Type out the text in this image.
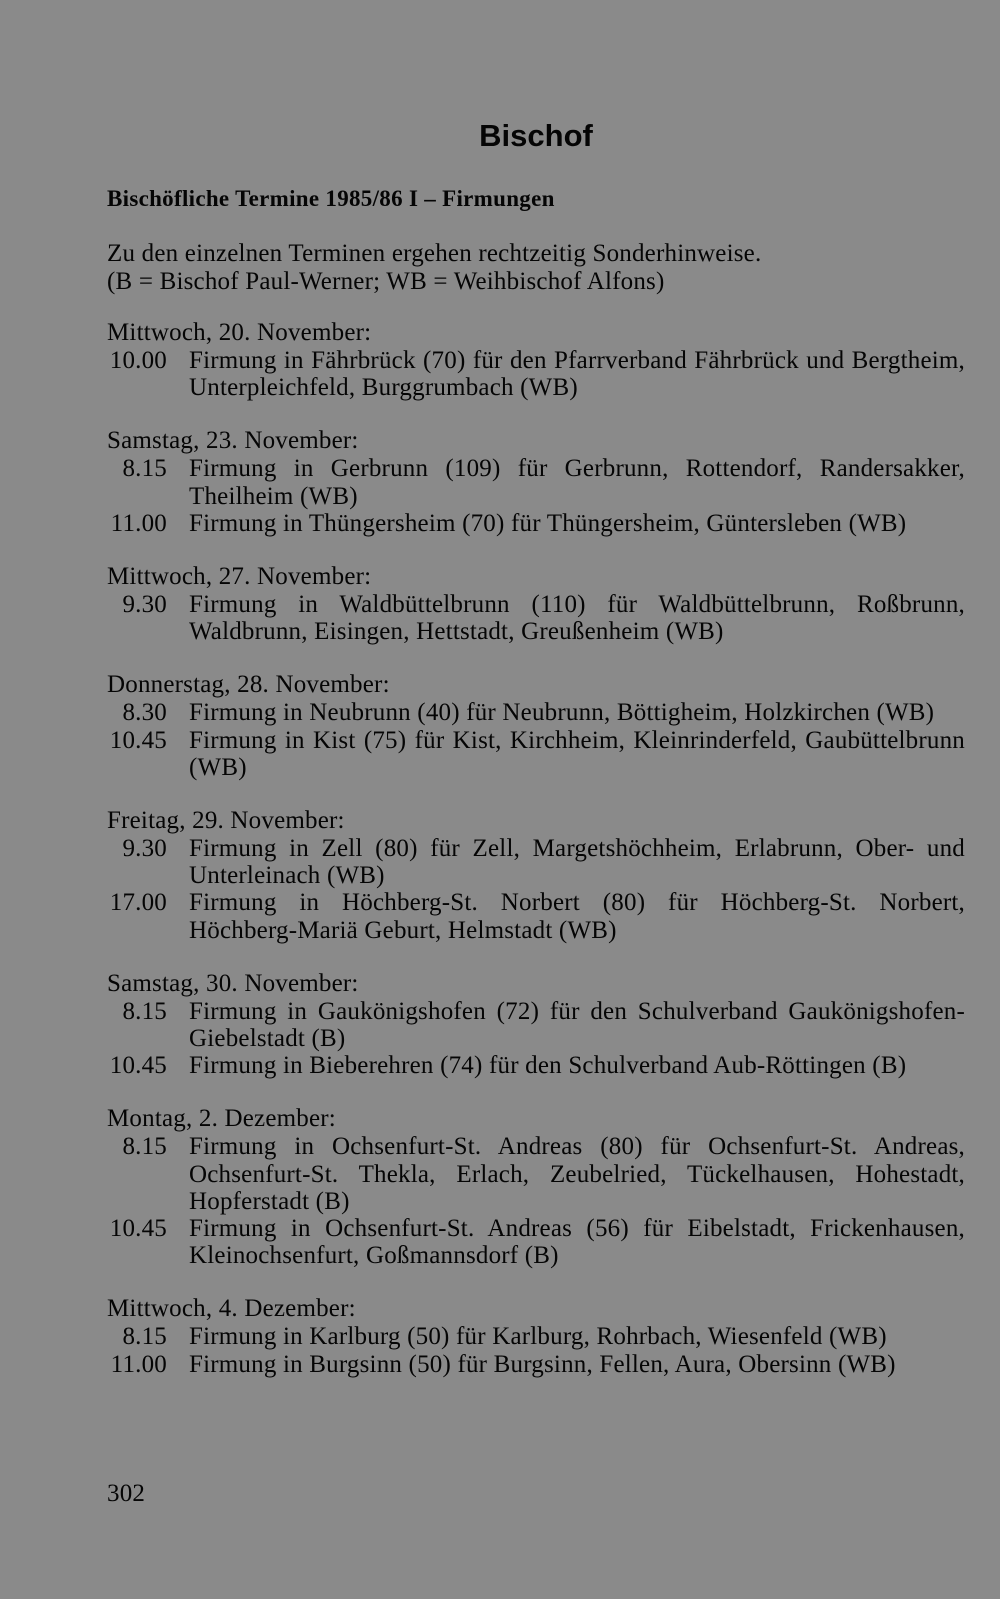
Bischof
Bischöfliche Termine 1985/86 I – Firmungen
Zu den einzelnen Terminen ergehen rechtzeitig Sonderhinweise.
(B = Bischof Paul-Werner; WB = Weihbischof Alfons)
Mittwoch, 20. November:
10.00 Firmung in Fährbrück (70) für den Pfarrverband Fährbrück und Bergtheim, Unterpleichfeld, Burggrumbach (WB)
Samstag, 23. November:
8.15 Firmung in Gerbrunn (109) für Gerbrunn, Rottendorf, Randersakker, Theilheim (WB)
11.00 Firmung in Thüngersheim (70) für Thüngersheim, Güntersleben (WB)
Mittwoch, 27. November:
9.30 Firmung in Waldbüttelbrunn (110) für Waldbüttelbrunn, Roßbrunn, Waldbrunn, Eisingen, Hettstadt, Greußenheim (WB)
Donnerstag, 28. November:
8.30 Firmung in Neubrunn (40) für Neubrunn, Böttigheim, Holzkirchen (WB)
10.45 Firmung in Kist (75) für Kist, Kirchheim, Kleinrinderfeld, Gaubüttelbrunn (WB)
Freitag, 29. November:
9.30 Firmung in Zell (80) für Zell, Margetshöchheim, Erlabrunn, Ober- und Unterleinach (WB)
17.00 Firmung in Höchberg-St. Norbert (80) für Höchberg-St. Norbert, Höchberg-Mariä Geburt, Helmstadt (WB)
Samstag, 30. November:
8.15 Firmung in Gaukönigshofen (72) für den Schulverband Gaukönigshofen-Giebelstadt (B)
10.45 Firmung in Bieberehren (74) für den Schulverband Aub-Röttingen (B)
Montag, 2. Dezember:
8.15 Firmung in Ochsenfurt-St. Andreas (80) für Ochsenfurt-St. Andreas, Ochsenfurt-St. Thekla, Erlach, Zeubelried, Tückelhausen, Hohestadt, Hopferstadt (B)
10.45 Firmung in Ochsenfurt-St. Andreas (56) für Eibelstadt, Frickenhausen, Kleinochsenfurt, Goßmannsdorf (B)
Mittwoch, 4. Dezember:
8.15 Firmung in Karlburg (50) für Karlburg, Rohrbach, Wiesenfeld (WB)
11.00 Firmung in Burgsinn (50) für Burgsinn, Fellen, Aura, Obersinn (WB)
302
